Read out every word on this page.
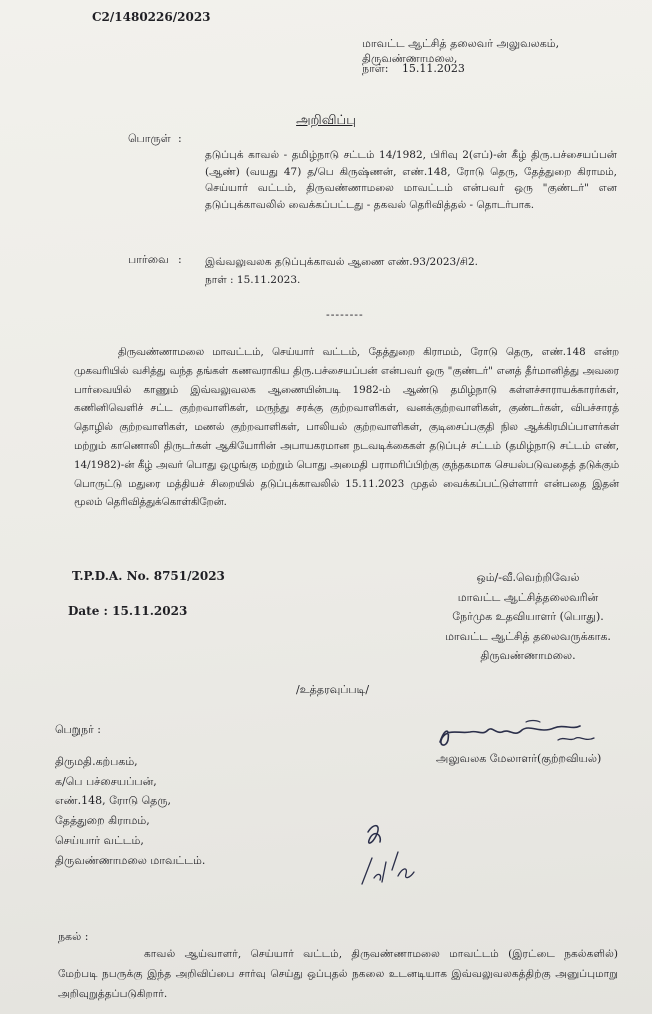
C2/1480226/2023
மாவட்ட ஆட்சித் தலைவர் அலுவலகம்,
திருவண்ணாமலை,
நாள்: 15.11.2023
அறிவிப்பு
பொருள் :
தடுப்புக் காவல் - தமிழ்நாடு சட்டம் 14/1982, பிரிவு 2(எப்)-ன் கீழ் திரு.பச்சையப்பன் (ஆண்) (வயது 47) த/பெ கிருஷ்ணன், எண்.148, ரோடு தெரு, தேத்துறை கிராமம், செய்யார் வட்டம், திருவண்ணாமலை மாவட்டம் என்பவர் ஒரு "குண்டர்" என தடுப்புக்காவலில் வைக்கப்பட்டது - தகவல் தெரிவித்தல் - தொடர்பாக.
பார்வை : இவ்வலுவலக தடுப்புக்காவல் ஆணை எண்.93/2023/சி2.
நாள் : 15.11.2023.
--------
திருவண்ணாமலை மாவட்டம், செய்யார் வட்டம், தேத்துறை கிராமம், ரோடு தெரு, எண்.148 என்ற முகவரியில் வசித்து வந்த தங்கள் கணவராகிய திரு.பச்சையப்பன் என்பவர் ஒரு "குண்டர்" எனத் தீர்மானித்து அவரை பார்வையில் காணும் இவ்வலுவலக ஆணையின்படி 1982-ம் ஆண்டு தமிழ்நாடு கள்ளச்சாராயக்காரர்கள், கணினிவெளிச் சட்ட குற்றவாளிகள், மருந்து சரக்கு குற்றவாளிகள், வனக்குற்றவாளிகள், குண்டர்கள், விபச்சாரத் தொழில் குற்றவாளிகள், மணல் குற்றவாளிகள், பாலியல் குற்றவாளிகள், குடிசைப்பகுதி நில ஆக்கிரமிப்பாளர்கள் மற்றும் காணொலி திருடர்கள் ஆகியோரின் அபாயகரமான நடவடிக்கைகள் தடுப்புச் சட்டம் (தமிழ்நாடு சட்டம் எண், 14/1982)-ன் கீழ் அவர் பொது ஒழுங்கு மற்றும் பொது அமைதி பராமரிப்பிற்கு குந்தகமாக செயல்படுவதைத் தடுக்கும் பொருட்டு மதுரை மத்தியச் சிறையில் தடுப்புக்காவலில் 15.11.2023 முதல் வைக்கப்பட்டுள்ளார் என்பதை இதன் மூலம் தெரிவித்துக்கொள்கிறேன்.
T.P.D.A. No. 8751/2023
Date : 15.11.2023
ஒம்/-வீ.வெற்றிவேல்
மாவட்ட ஆட்சித்தலைவரின்
நேர்முக உதவியாளர் (பொது).
மாவட்ட ஆட்சித் தலைவருக்காக.
திருவண்ணாமலை.
/உத்தரவுப்படி/
பெறுநர் :
திருமதி.கற்பகம்,
க/பெ பச்சையப்பன்,
எண்.148, ரோடு தெரு,
தேத்துறை கிராமம்,
செய்யார் வட்டம்,
திருவண்ணாமலை மாவட்டம்.
அலுவலக மேலாளர்(குற்றவியல்)
நகல் :
காவல் ஆய்வாளர், செய்யார் வட்டம், திருவண்ணாமலை மாவட்டம் (இரட்டை நகல்களில்) மேற்படி நபருக்கு இந்த அறிவிப்பை சார்வு செய்து ஒப்புதல் நகலை உடனடியாக இவ்வலுவலகத்திற்கு அனுப்புமாறு அறிவுறுத்தப்படுகிறார்.
